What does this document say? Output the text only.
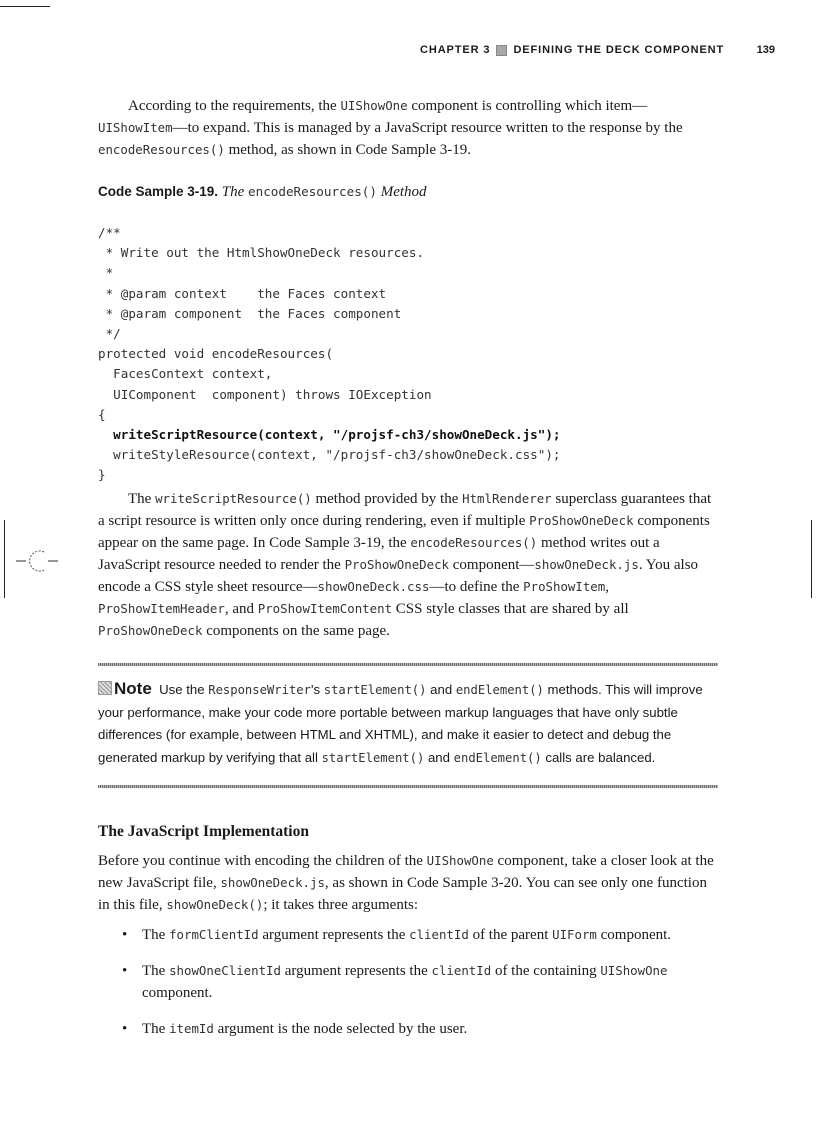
CHAPTER 3 DEFINING THE DECK COMPONENT	139

According to the requirements, the UIShowOne component is controlling which item—UIShowItem—to expand. This is managed by a JavaScript resource written to the response by the encodeResources() method, as shown in Code Sample 3-19.

Code Sample 3-19. The encodeResources() Method
/**
* Write out the HtmlShowOneDeck resources.
*
* @param context    the Faces context
* @param component  the Faces component
*/
protected void encodeResources(
FacesContext context,
UIComponent  component) throws IOException
{
writeScriptResource(context, "/projsf-ch3/showOneDeck.js");
writeStyleResource(context, "/projsf-ch3/showOneDeck.css");
}

The writeScriptResource() method provided by the HtmlRenderer superclass guarantees that a script resource is written only once during rendering, even if multiple ProShowOneDeck components appear on the same page. In Code Sample 3-19, the encodeResources() method writes out a JavaScript resource needed to render the ProShowOneDeck component—showOneDeck.js. You also encode a CSS style sheet resource—showOneDeck.css—to define the ProShowItem, ProShowItemHeader, and ProShowItemContent CSS style classes that are shared by all ProShowOneDeck components on the same page.

Note Use the ResponseWriter's startElement() and endElement() methods. This will improve your performance, make your code more portable between markup languages that have only subtle differences (for example, between HTML and XHTML), and make it easier to detect and debug the generated markup by verifying that all startElement() and endElement() calls are balanced.
The JavaScript Implementation

Before you continue with encoding the children of the UIShowOne component, take a closer look at the new JavaScript file, showOneDeck.js, as shown in Code Sample 3-20. You can see only one function in this file, showOneDeck(); it takes three arguments:

• The formClientId argument represents the clientId of the parent UIForm component.
• The showOneClientId argument represents the clientId of the containing UIShowOne component.
• The itemId argument is the node selected by the user.
